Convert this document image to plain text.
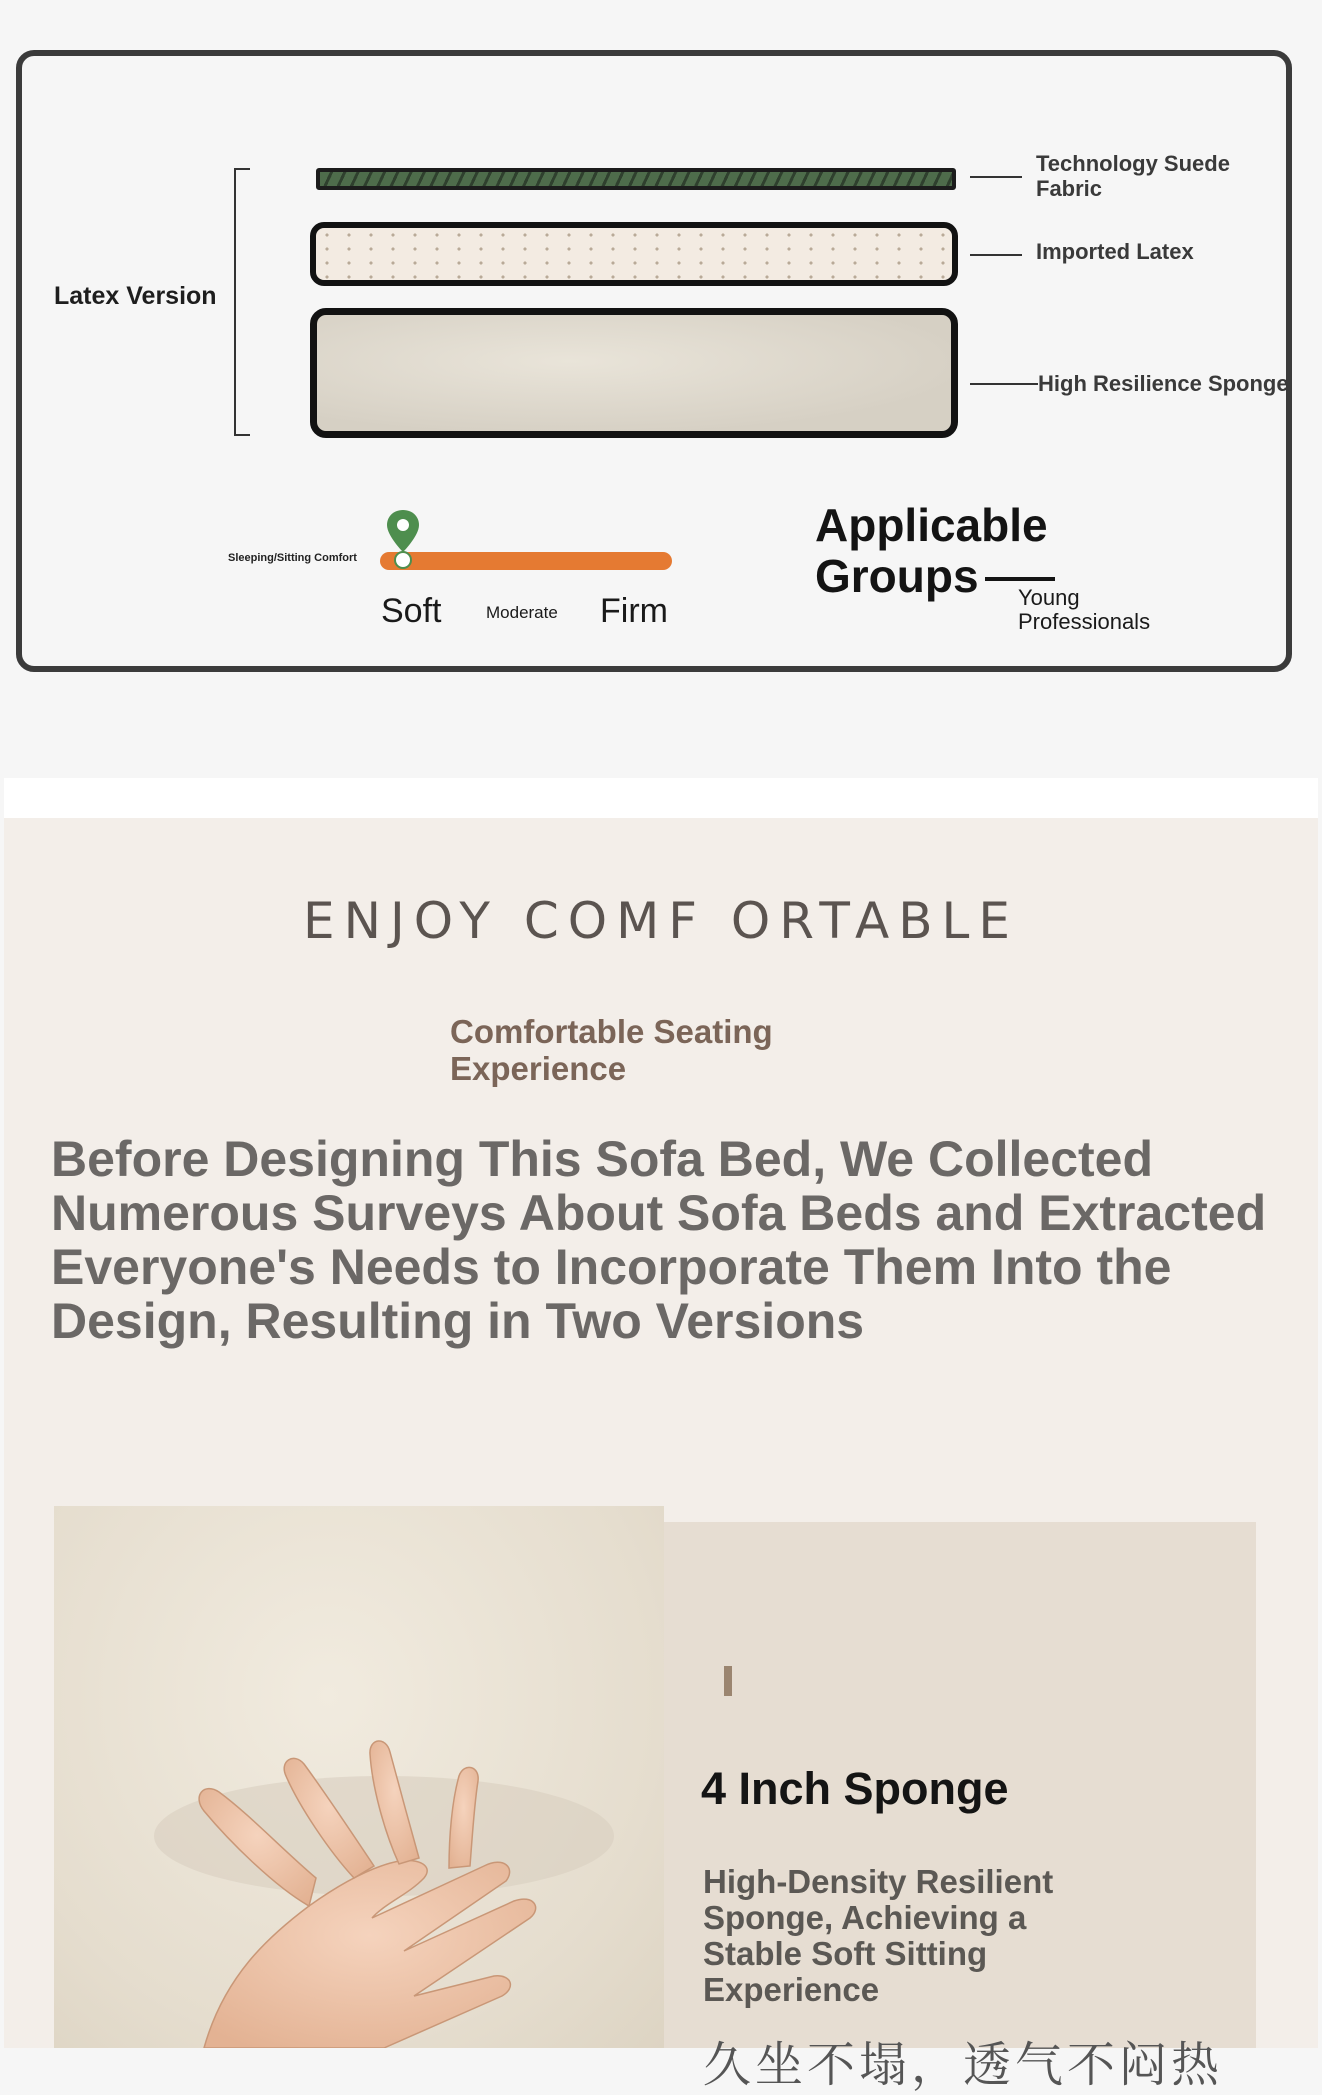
Latex Version
Technology Suede Fabric
Imported Latex
High Resilience Sponge
Sleeping/Sitting Comfort
Soft	Moderate Firm
Applicable Groups	Young Professionals
ENJOY COMF ORTABLE
Comfortable Seating Experience
Before Designing This Sofa Bed, We Collected Numerous Surveys About Sofa Beds and Extracted Everyone's Needs to Incorporate Them Into the Design, Resulting in Two Versions
4 Inch Sponge
High-Density Resilient Sponge, Achieving a Stable Soft Sitting Experience
久坐不塌，透气不闷热
